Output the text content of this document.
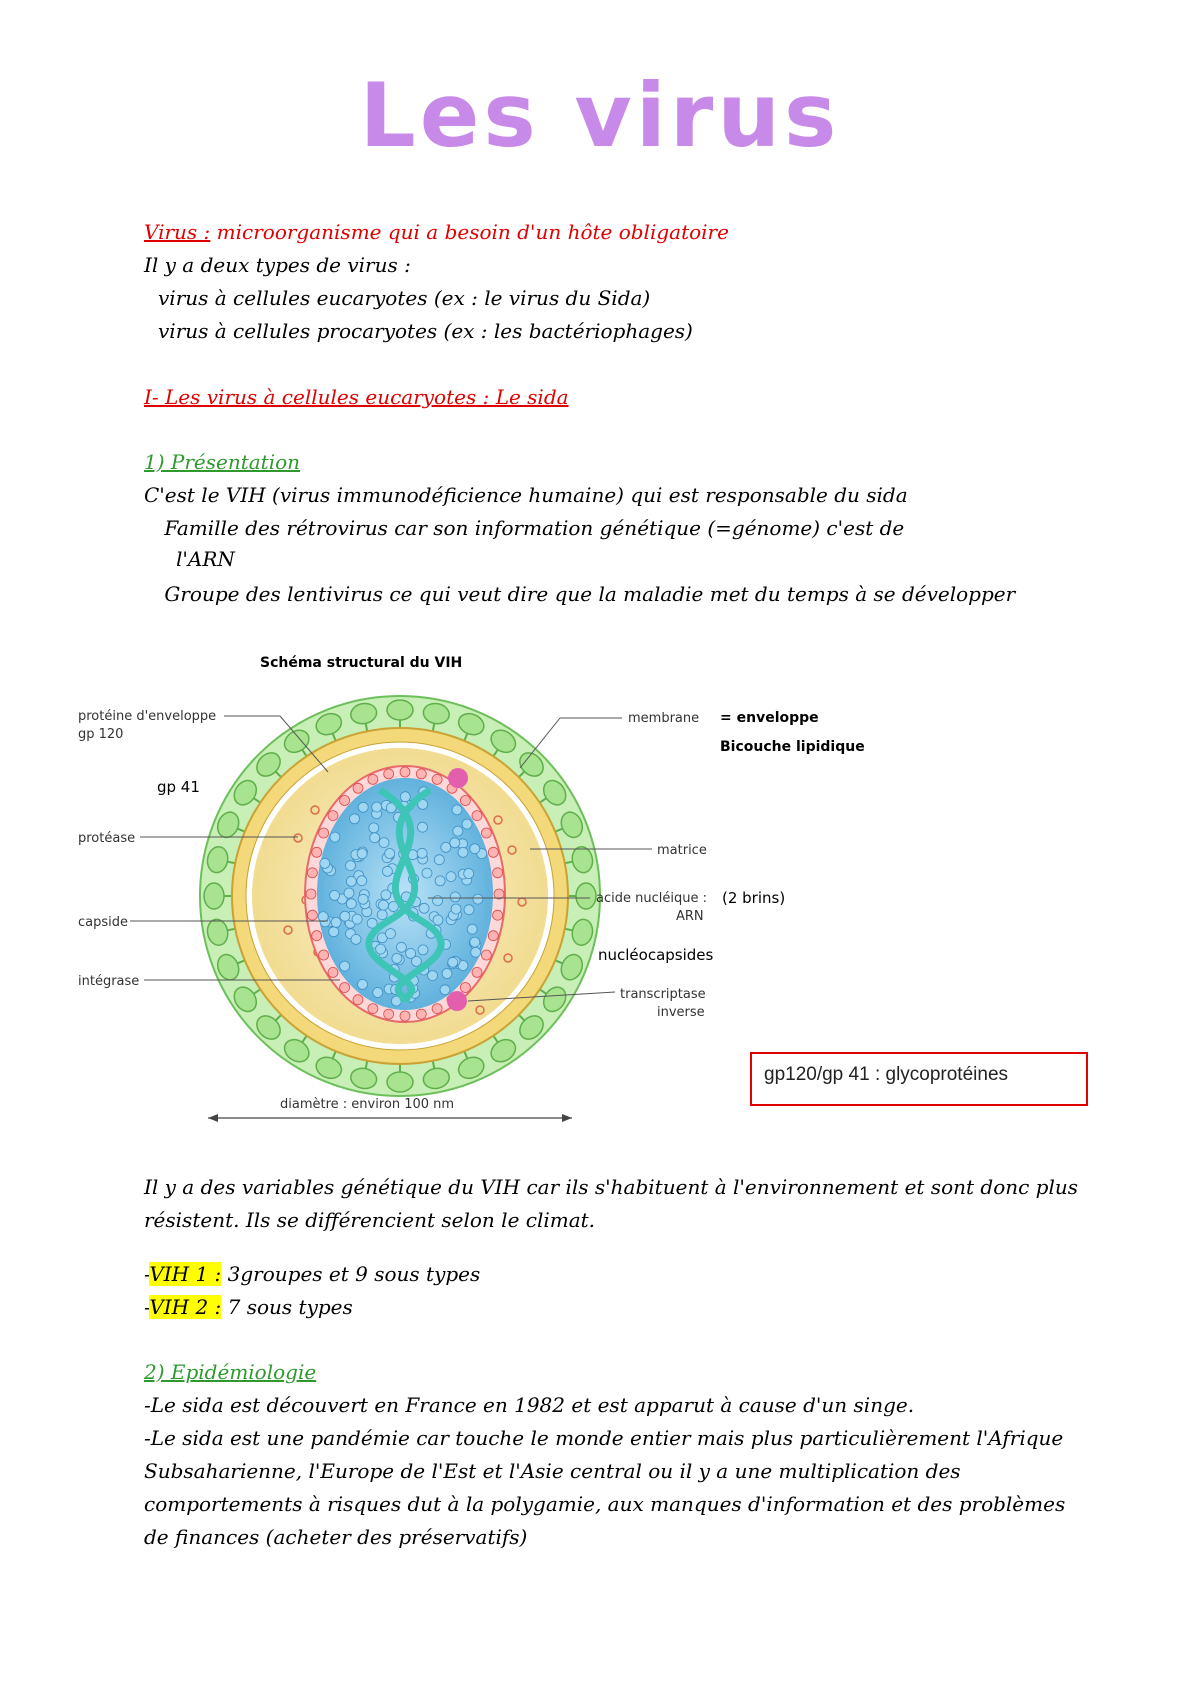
Les virus
Virus : microorganisme qui a besoin d'un hôte obligatoire
Il y a deux types de virus :
virus à cellules eucaryotes (ex : le virus du Sida)
virus à cellules procaryotes (ex : les bactériophages)
I- Les virus à cellules eucaryotes : Le sida
1) Présentation
C'est le VIH (virus immunodéficience humaine) qui est responsable du sida
Famille des rétrovirus car son information génétique (=génome) c'est de
l'ARN
Groupe des lentivirus ce qui veut dire que la maladie met du temps à se développer
Schéma structural du VIH
protéine d'enveloppe
gp 120
gp 41
protéase
capside
intégrase
membrane = enveloppe
Bicouche lipidique
matrice
acide nucléique :
ARN
(2 brins)
nucléocapsides
transcriptase
inverse
diamètre : environ 100 nm
gp120/gp 41 : glycoprotéines
Il y a des variables génétique du VIH car ils s'habituent à l'environnement et sont donc plus
résistent. Ils se différencient selon le climat.
-VIH 1 : 3groupes et 9 sous types
-VIH 2 : 7 sous types
2) Epidémiologie
-Le sida est découvert en France en 1982 et est apparut à cause d'un singe.
-Le sida est une pandémie car touche le monde entier mais plus particulièrement l'Afrique
Subsaharienne, l'Europe de l'Est et l'Asie central ou il y a une multiplication des
comportements à risques dut à la polygamie, aux manques d'information et des problèmes
de finances (acheter des préservatifs)
